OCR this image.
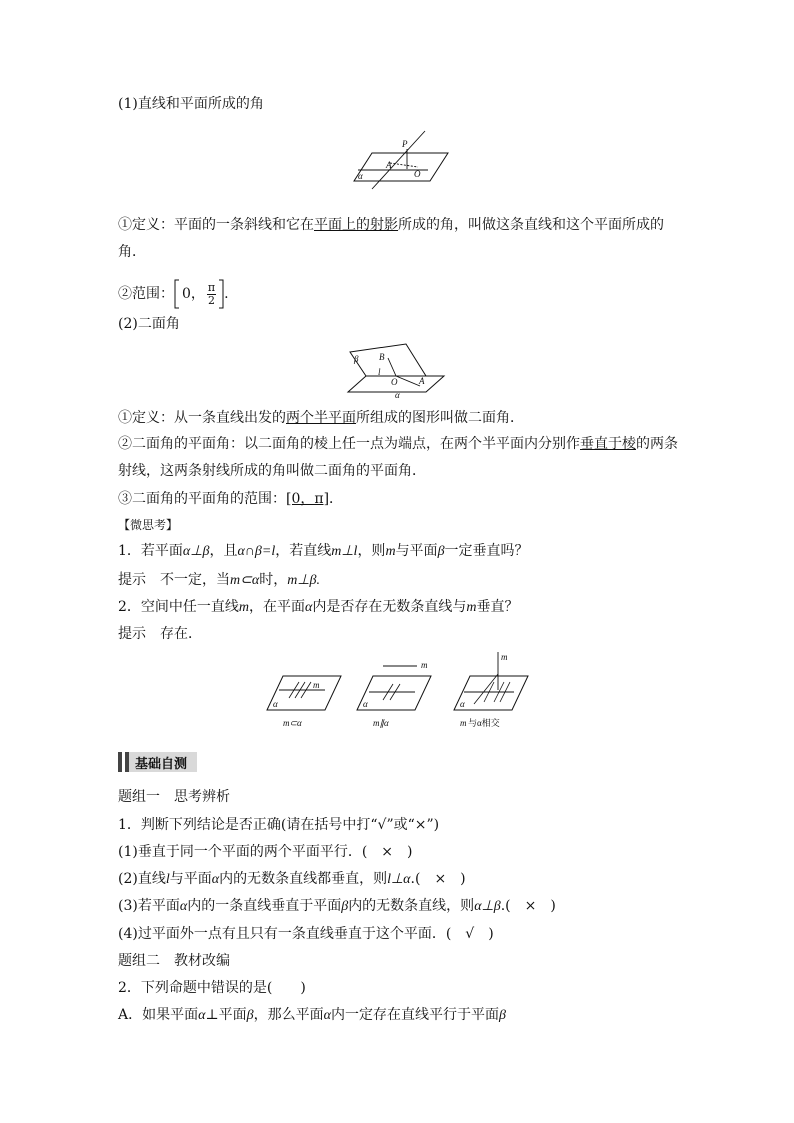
(1)直线和平面所成的角
P
A
O
α
①定义：平面的一条斜线和它在平面上的射影所成的角，叫做这条直线和这个平面所成的
角．
②范围： 0， $\frac{\pi}{2}$ .
(2)二面角
β B
l
O A
α
①定义：从一条直线出发的两个半平面所组成的图形叫做二面角．
②二面角的平面角：以二面角的棱上任一点为端点，在两个半平面内分别作垂直于棱的两条
射线，这两条射线所成的角叫做二面角的平面角．
③二面角的平面角的范围：[0，π]．
【微思考】
1．若平面α⊥β，且α∩β=l，若直线m⊥l，则m与平面β一定垂直吗？
提示　不一定，当m⊂α时，m⊥β.
2．空间中任一直线m，在平面α内是否存在无数条直线与m垂直？
提示　存在．
m
α
m⊂α
m
α
m∥α
m
α
m 与α相交
基础自测
题组一　思考辨析
1．判断下列结论是否正确(请在括号中打“√”或“×”)
(1)垂直于同一个平面的两个平面平行．(　×　)
(2)直线l与平面α内的无数条直线都垂直，则l⊥α.(　×　)
(3)若平面α内的一条直线垂直于平面β内的无数条直线，则α⊥β.(　×　)
(4)过平面外一点有且只有一条直线垂直于这个平面．(　√　)
题组二　教材改编
2．下列命题中错误的是(　　)
A．如果平面α⊥平面β，那么平面α内一定存在直线平行于平面β
